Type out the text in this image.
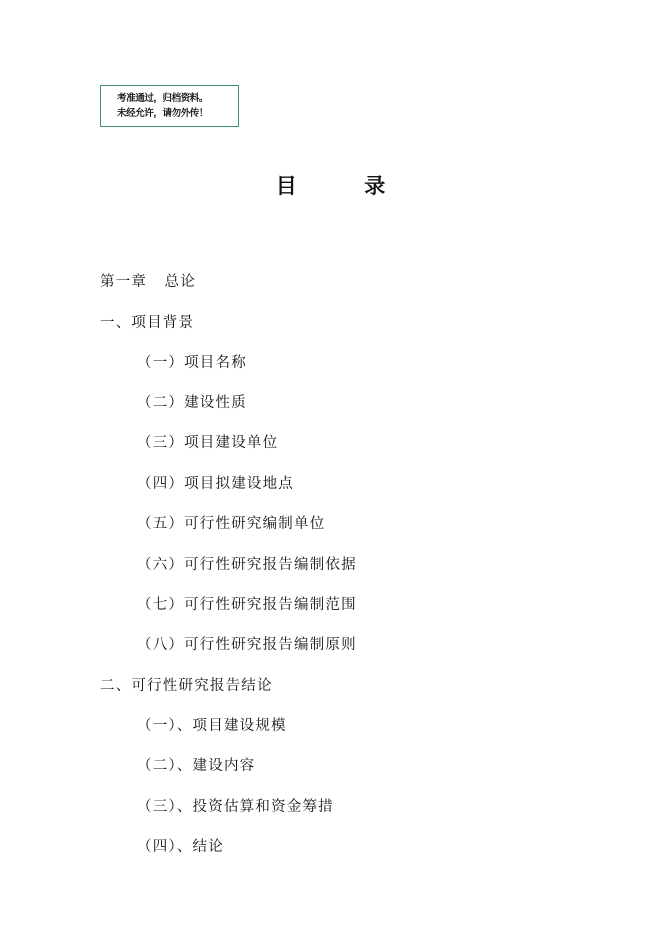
考准通过，归档资料。
未经允许，请勿外传！
目        录
第一章   总论
一、项目背景
（一）项目名称
（二）建设性质
（三）项目建设单位
（四）项目拟建设地点
（五）可行性研究编制单位
（六）可行性研究报告编制依据
（七）可行性研究报告编制范围
（八）可行性研究报告编制原则
二、可行性研究报告结论
（一）、项目建设规模
（二）、建设内容
（三）、投资估算和资金筹措
（四）、结论
